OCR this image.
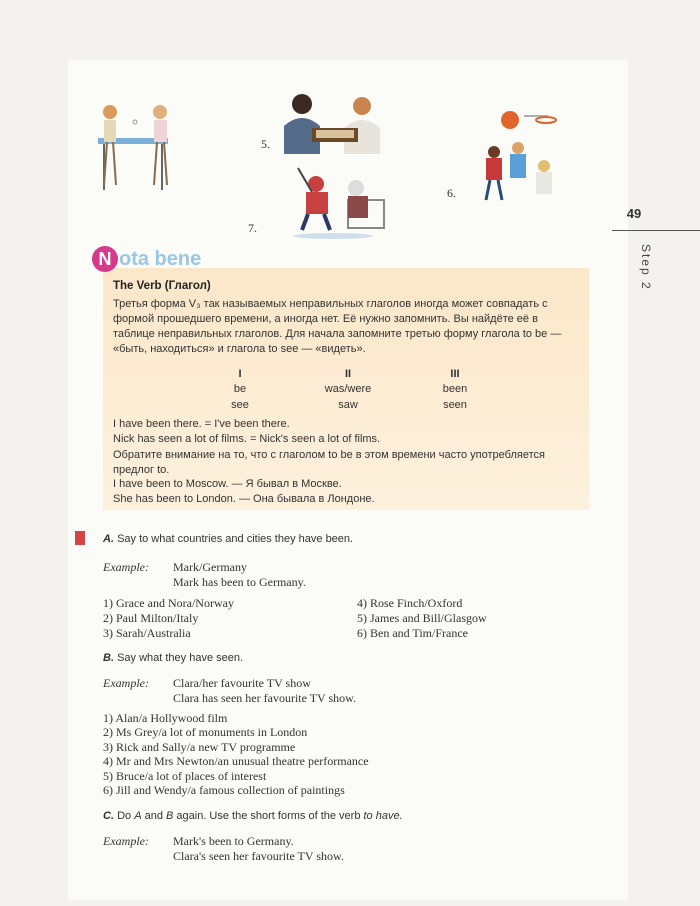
5.
7.
6.
49
Step 2
N ota bene
The Verb (Глагол)
Третья форма V₃ так называемых неправильных глаголов иногда может совпадать с формой прошедшего времени, а иногда нет. Её нужно запомнить. Вы найдёте её в таблице неправильных глаголов. Для начала запомните третью форму глагола to be — «быть, находиться» и глагола to see — «видеть».
I	II	III
be	was/were	been
see	saw	seen
I have been there. = I've been there.
Nick has seen a lot of films. = Nick's seen a lot of films.
Обратите внимание на то, что с глаголом to be в этом времени часто употребляется предлог to.
I have been to Moscow. — Я бывал в Москве.
She has been to London. — Она бывала в Лондоне.
A. Say to what countries and cities they have been.
Example: Mark/Germany
Mark has been to Germany.
1) Grace and Nora/Norway
2) Paul Milton/Italy
3) Sarah/Australia
4) Rose Finch/Oxford
5) James and Bill/Glasgow
6) Ben and Tim/France
B. Say what they have seen.
Example: Clara/her favourite TV show
Clara has seen her favourite TV show.
1) Alan/a Hollywood film
2) Ms Grey/a lot of monuments in London
3) Rick and Sally/a new TV programme
4) Mr and Mrs Newton/an unusual theatre performance
5) Bruce/a lot of places of interest
6) Jill and Wendy/a famous collection of paintings
C. Do A and B again. Use the short forms of the verb to have.
Example: Mark's been to Germany.
Clara's seen her favourite TV show.
